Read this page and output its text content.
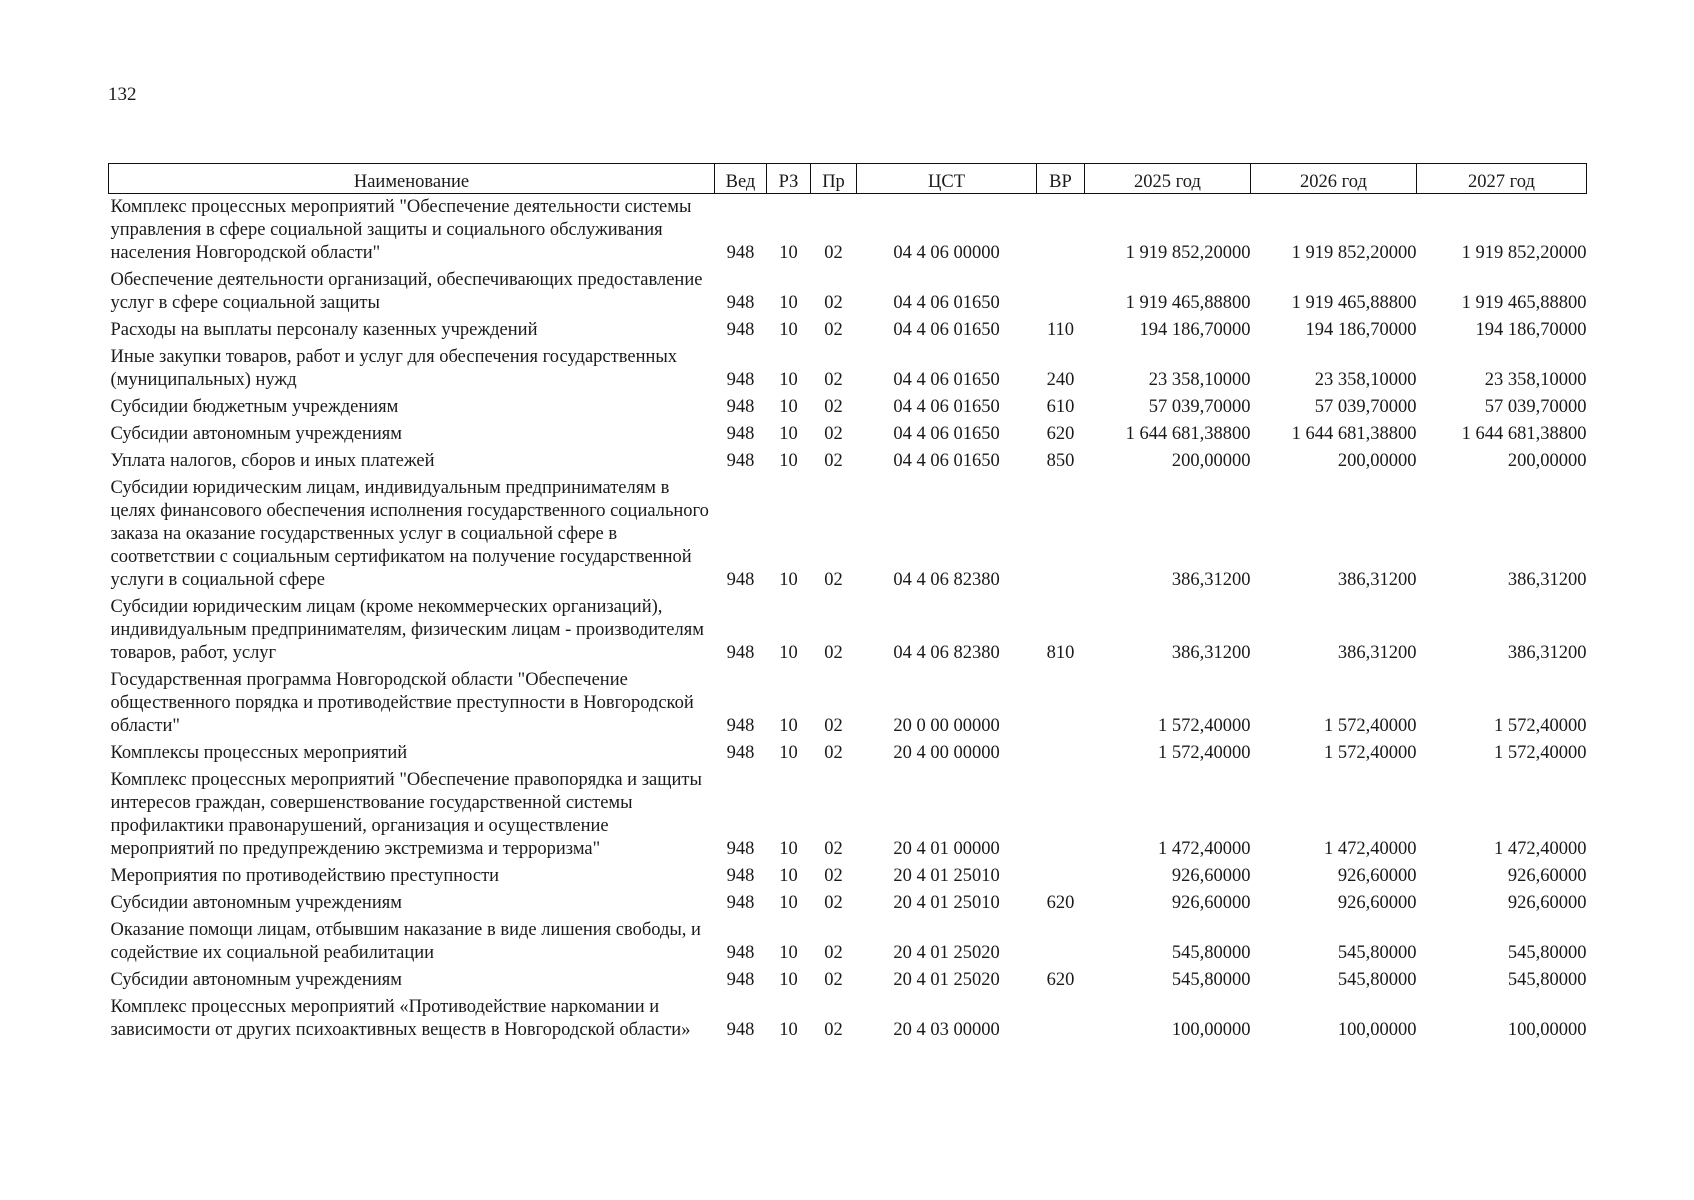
132
Наименование	Вед	РЗ	Пр	ЦСТ	ВР	2025 год	2026 год	2027 год
Комплекс процессных мероприятий "Обеспечение деятельности системы управления в сфере социальной защиты и социального обслуживания населения Новгородской области"	948	10	02	04 4 06 00000		1 919 852,20000	1 919 852,20000	1 919 852,20000
Обеспечение деятельности организаций, обеспечивающих предоставление услуг в сфере социальной защиты	948	10	02	04 4 06 01650		1 919 465,88800	1 919 465,88800	1 919 465,88800
Расходы на выплаты персоналу казенных учреждений	948	10	02	04 4 06 01650	110	194 186,70000	194 186,70000	194 186,70000
Иные закупки товаров, работ и услуг для обеспечения государственных (муниципальных) нужд	948	10	02	04 4 06 01650	240	23 358,10000	23 358,10000	23 358,10000
Субсидии бюджетным учреждениям	948	10	02	04 4 06 01650	610	57 039,70000	57 039,70000	57 039,70000
Субсидии автономным учреждениям	948	10	02	04 4 06 01650	620	1 644 681,38800	1 644 681,38800	1 644 681,38800
Уплата налогов, сборов и иных платежей	948	10	02	04 4 06 01650	850	200,00000	200,00000	200,00000
Субсидии юридическим лицам, индивидуальным предпринимателям в целях финансового обеспечения исполнения государственного социального заказа на оказание государственных услуг в социальной сфере в соответствии с социальным сертификатом на получение государственной услуги в социальной сфере	948	10	02	04 4 06 82380		386,31200	386,31200	386,31200
Субсидии юридическим лицам (кроме некоммерческих организаций), индивидуальным предпринимателям, физическим лицам - производителям товаров, работ, услуг	948	10	02	04 4 06 82380	810	386,31200	386,31200	386,31200
Государственная программа Новгородской области "Обеспечение общественного порядка и противодействие преступности в Новгородской области"	948	10	02	20 0 00 00000		1 572,40000	1 572,40000	1 572,40000
Комплексы процессных мероприятий	948	10	02	20 4 00 00000		1 572,40000	1 572,40000	1 572,40000
Комплекс процессных мероприятий "Обеспечение правопорядка и защиты интересов граждан, совершенствование государственной системы профилактики правонарушений, организация и осуществление мероприятий по предупреждению экстремизма и терроризма"	948	10	02	20 4 01 00000		1 472,40000	1 472,40000	1 472,40000
Мероприятия по противодействию преступности	948	10	02	20 4 01 25010		926,60000	926,60000	926,60000
Субсидии автономным учреждениям	948	10	02	20 4 01 25010	620	926,60000	926,60000	926,60000
Оказание помощи лицам, отбывшим наказание в виде лишения свободы, и содействие их социальной реабилитации	948	10	02	20 4 01 25020		545,80000	545,80000	545,80000
Субсидии автономным учреждениям	948	10	02	20 4 01 25020	620	545,80000	545,80000	545,80000
Комплекс процессных мероприятий «Противодействие наркомании и зависимости от других психоактивных веществ в Новгородской области»	948	10	02	20 4 03 00000		100,00000	100,00000	100,00000
